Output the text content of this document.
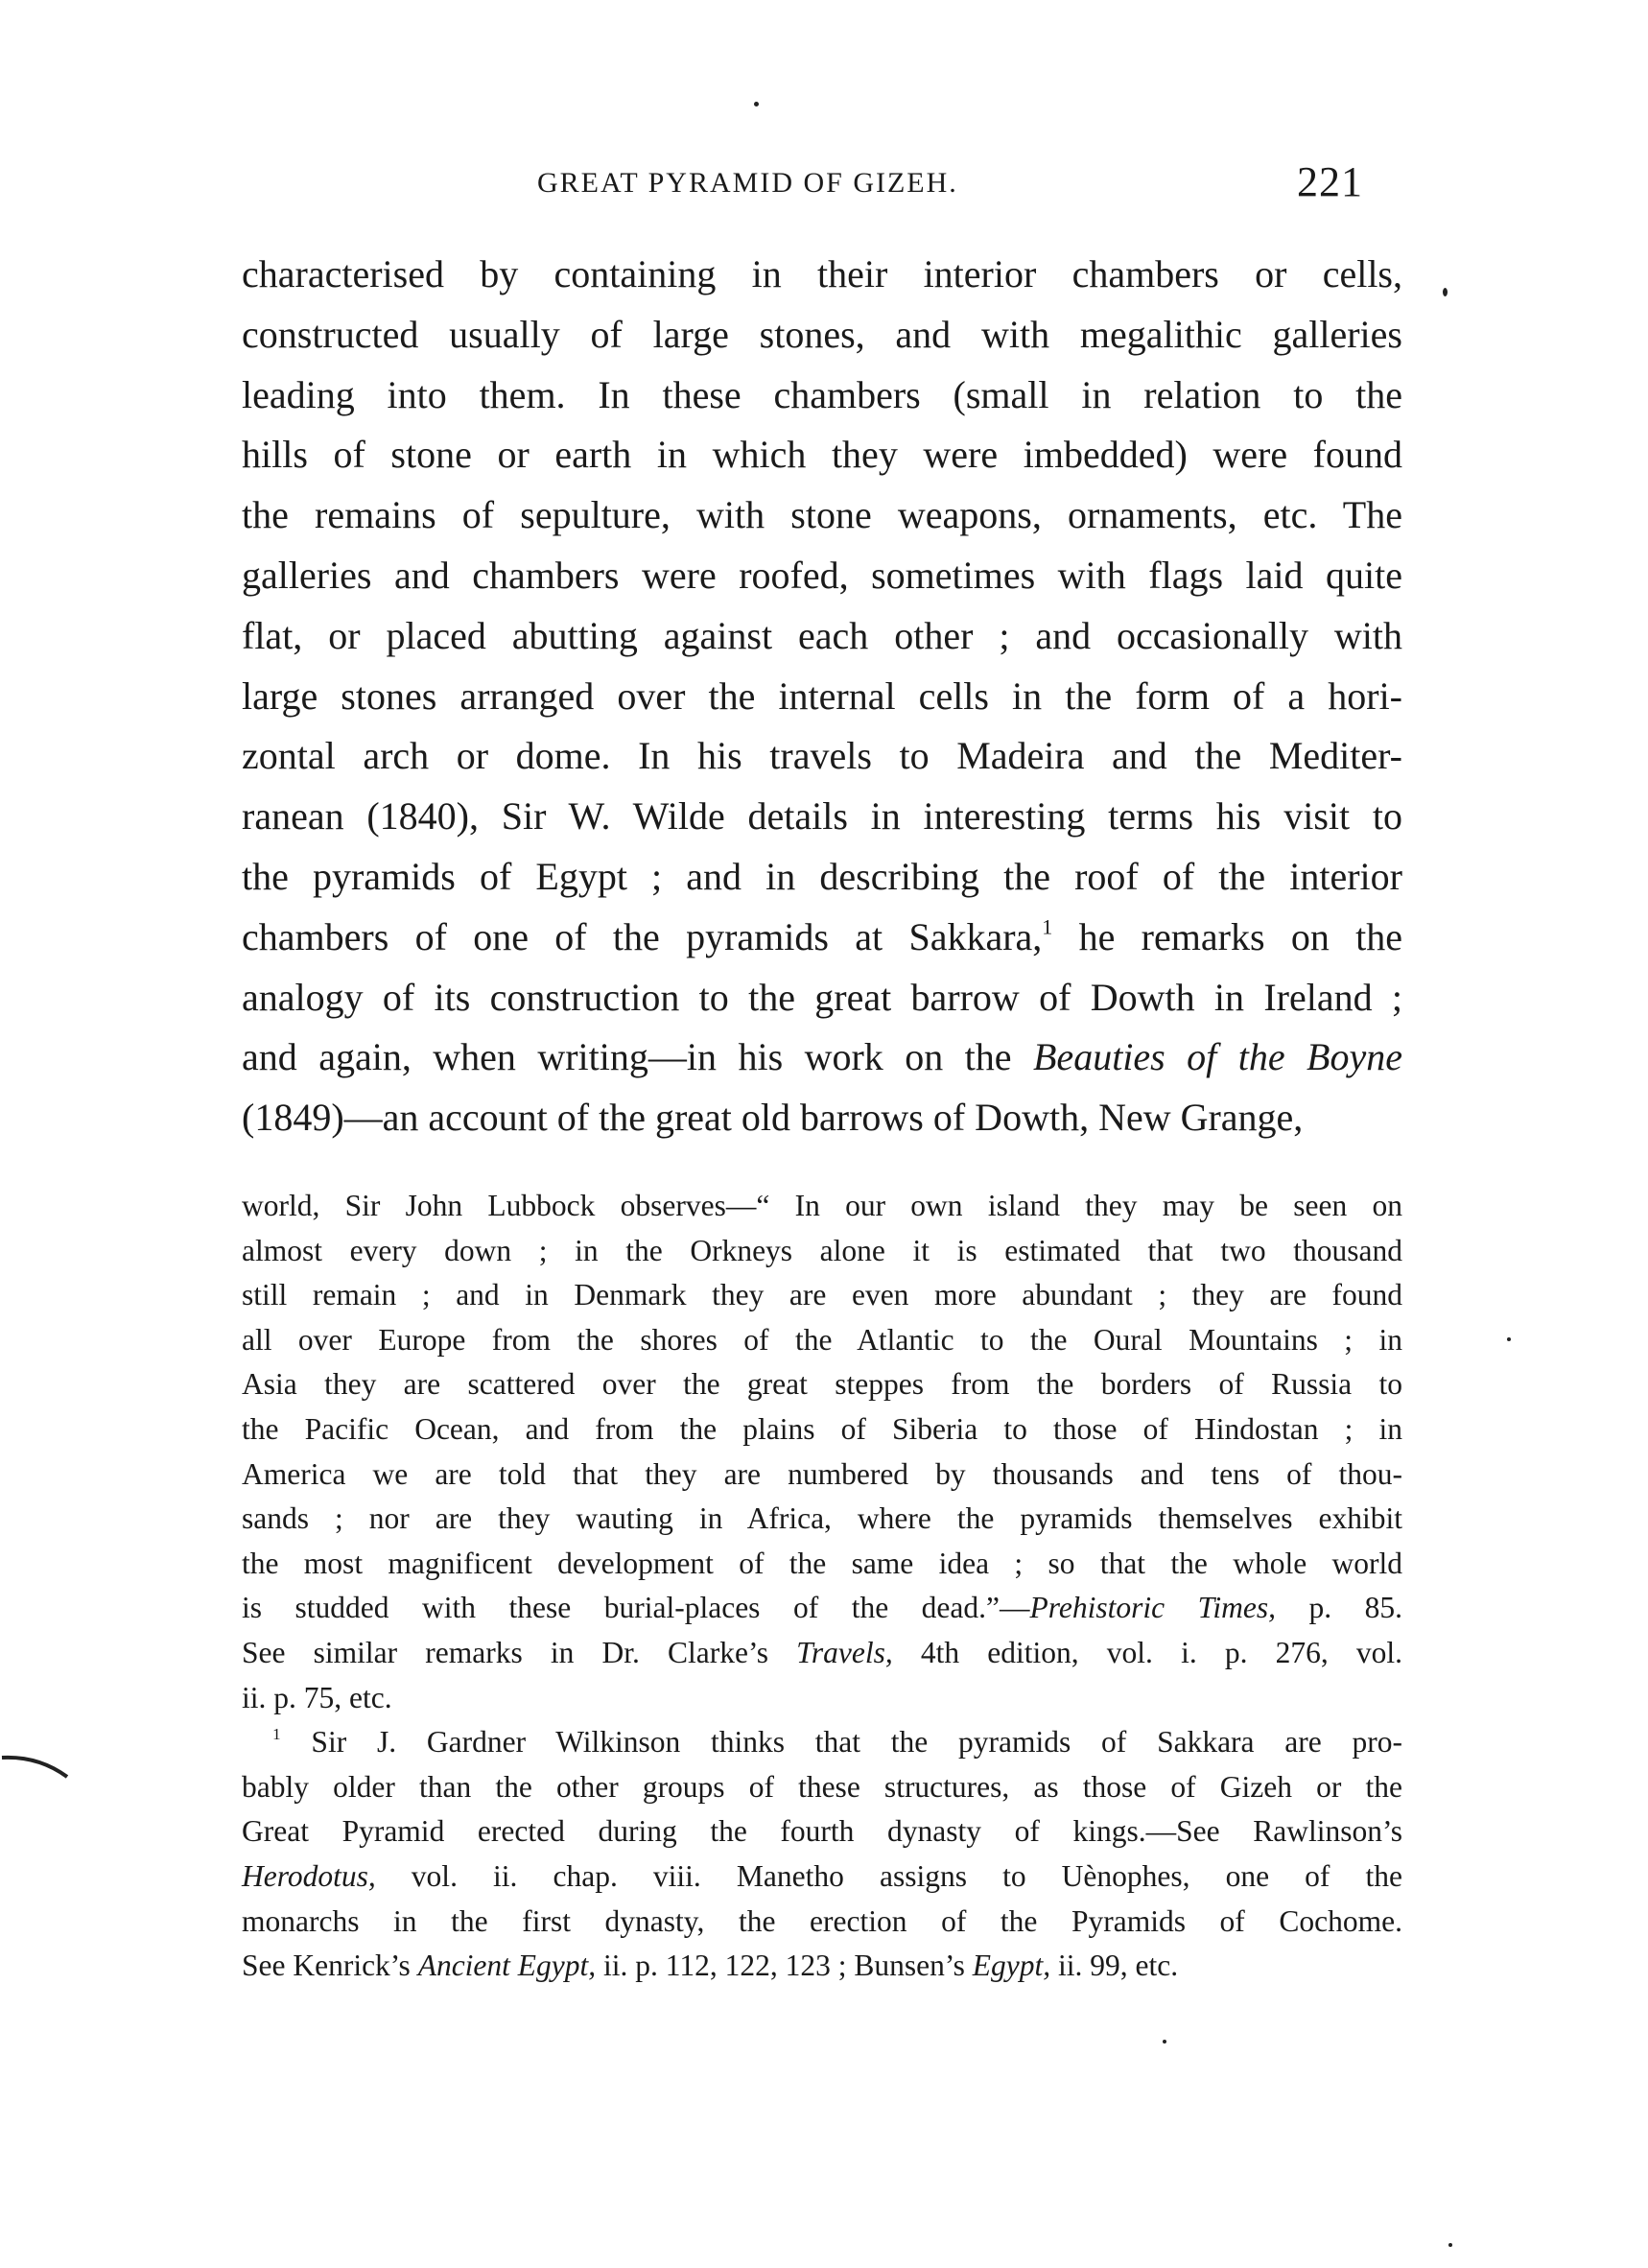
GREAT PYRAMID OF GIZEH.	221
characterised by containing in their interior chambers or cells,
constructed usually of large stones, and with megalithic galleries
leading into them. In these chambers (small in relation to the
hills of stone or earth in which they were imbedded) were found
the remains of sepulture, with stone weapons, ornaments, etc. The
galleries and chambers were roofed, sometimes with flags laid quite
flat, or placed abutting against each other ; and occasionally with
large stones arranged over the internal cells in the form of a hori-
zontal arch or dome. In his travels to Madeira and the Mediter-
ranean (1840), Sir W. Wilde details in interesting terms his visit to
the pyramids of Egypt ; and in describing the roof of the interior
chambers of one of the pyramids at Sakkara,$^1$ he remarks on the
analogy of its construction to the great barrow of Dowth in Ireland ;
and again, when writing—in his work on the Beauties of the Boyne
(1849)—an account of the great old barrows of Dowth, New Grange,
world, Sir John Lubbock observes—“ In our own island they may be seen on
almost every down ; in the Orkneys alone it is estimated that two thousand
still remain ; and in Denmark they are even more abundant ; they are found
all over Europe from the shores of the Atlantic to the Oural Mountains ; in
Asia they are scattered over the great steppes from the borders of Russia to
the Pacific Ocean, and from the plains of Siberia to those of Hindostan ; in
America we are told that they are numbered by thousands and tens of thou-
sands ; nor are they wauting in Africa, where the pyramids themselves exhibit
the most magnificent development of the same idea ; so that the whole world
is studded with these burial-places of the dead.”—Prehistoric Times, p. 85.
See similar remarks in Dr. Clarke’s Travels, 4th edition, vol. i. p. 276, vol.
ii. p. 75, etc.
$^1$ Sir J. Gardner Wilkinson thinks that the pyramids of Sakkara are pro-
bably older than the other groups of these structures, as those of Gizeh or the
Great Pyramid erected during the fourth dynasty of kings.—See Rawlinson’s
Herodotus, vol. ii. chap. viii. Manetho assigns to Uènophes, one of the
monarchs in the first dynasty, the erection of the Pyramids of Cochome.
See Kenrick’s Ancient Egypt, ii. p. 112, 122, 123 ; Bunsen’s Egypt, ii. 99, etc.
